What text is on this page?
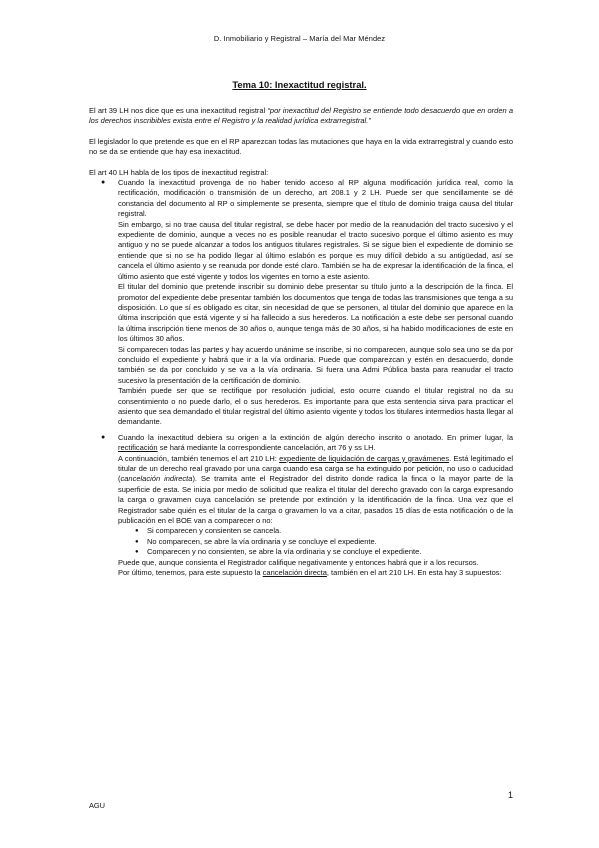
D. Inmobiliario y Registral – María del Mar Méndez
Tema 10: Inexactitud registral.

El art 39 LH nos dice que es una inexactitud registral “por inexactitud del Registro se entiende todo desacuerdo que en orden a los derechos inscribibles exista entre el Registro y la realidad jurídica extrarregistral.”

El legislador lo que pretende es que en el RP aparezcan todas las mutaciones que haya en la vida extrarregistral y cuando esto no se da se entiende que hay esa inexactitud.

El art 40 LH habla de los tipos de inexactitud registral:

● Cuando la inexactitud provenga de no haber tenido acceso al RP alguna modificación jurídica real, como la rectificación, modificación o transmisión de un derecho, art 208.1 y 2 LH. Puede ser que sencillamente se dé constancia del documento al RP o simplemente se presenta, siempre que el título de dominio traiga causa del titular registral.

Sin embargo, si no trae causa del titular registral, se debe hacer por medio de la reanudación del tracto sucesivo y el expediente de dominio, aunque a veces no es posible reanudar el tracto sucesivo porque el último asiento es muy antiguo y no se puede alcanzar a todos los antiguos titulares registrales. Si se sigue bien el expediente de dominio se entiende que si no se ha podido llegar al último eslabón es porque es muy difícil debido a su antigüedad, así se cancela el último asiento y se reanuda por donde esté claro. También se ha de expresar la identificación de la finca, el último asiento que esté vigente y todos los vigentes en torno a este asiento.

El titular del dominio que pretende inscribir su dominio debe presentar su título junto a la descripción de la finca. El promotor del expediente debe presentar también los documentos que tenga de todas las transmisiones que tenga a su disposición. Lo que sí es obligado es citar, sin necesidad de que se personen, al titular del dominio que aparece en la última inscripción que está vigente y si ha fallecido a sus herederos. La notificación a este debe ser personal cuando la última inscripción tiene menos de 30 años o, aunque tenga más de 30 años, si ha habido modificaciones de este en los últimos 30 años.

Si comparecen todas las partes y hay acuerdo unánime se inscribe, si no comparecen, aunque solo sea uno se da por concluido el expediente y habrá que ir a la vía ordinaria. Puede que comparezcan y estén en desacuerdo, donde también se da por concluido y se va a la vía ordinaria. Si fuera una Admi Pública basta para reanudar el tracto sucesivo la presentación de la certificación de dominio.

También puede ser que se rectifique por resolución judicial, esto ocurre cuando el titular registral no da su consentimiento o no puede darlo, el o sus herederos. Es importante para que esta sentencia sirva para practicar el asiento que sea demandado el titular registral del último asiento vigente y todos los titulares intermedios hasta llegar al demandante.

● Cuando la inexactitud debiera su origen a la extinción de algún derecho inscrito o anotado. En primer lugar, la rectificación se hará mediante la correspondiente cancelación, art 76 y ss LH.

A continuación, también tenemos el art 210 LH: expediente de liquidación de cargas y gravámenes. Está legitimado el titular de un derecho real gravado por una carga cuando esa carga se ha extinguido por petición, no uso o caducidad (cancelación indirecta). Se tramita ante el Registrador del distrito donde radica la finca o la mayor parte de la superficie de esta. Se inicia por medio de solicitud que realiza el titular del derecho gravado con la carga expresando la carga o gravamen cuya cancelación se pretende por extinción y la identificación de la finca. Una vez que el Registrador sabe quién es el titular de la carga o gravamen lo va a citar, pasados 15 días de esta notificación o de la publicación en el BOE van a comparecer o no:

● Si comparecen y consienten se cancela.
● No comparecen, se abre la vía ordinaria y se concluye el expediente.
● Comparecen y no consienten, se abre la vía ordinaria y se concluye el expediente.

Puede que, aunque consienta el Registrador califique negativamente y entonces habrá que ir a los recursos.

Por último, tenemos, para este supuesto la cancelación directa, también en el art 210 LH. En esta hay 3 supuestos:

AGU
1
